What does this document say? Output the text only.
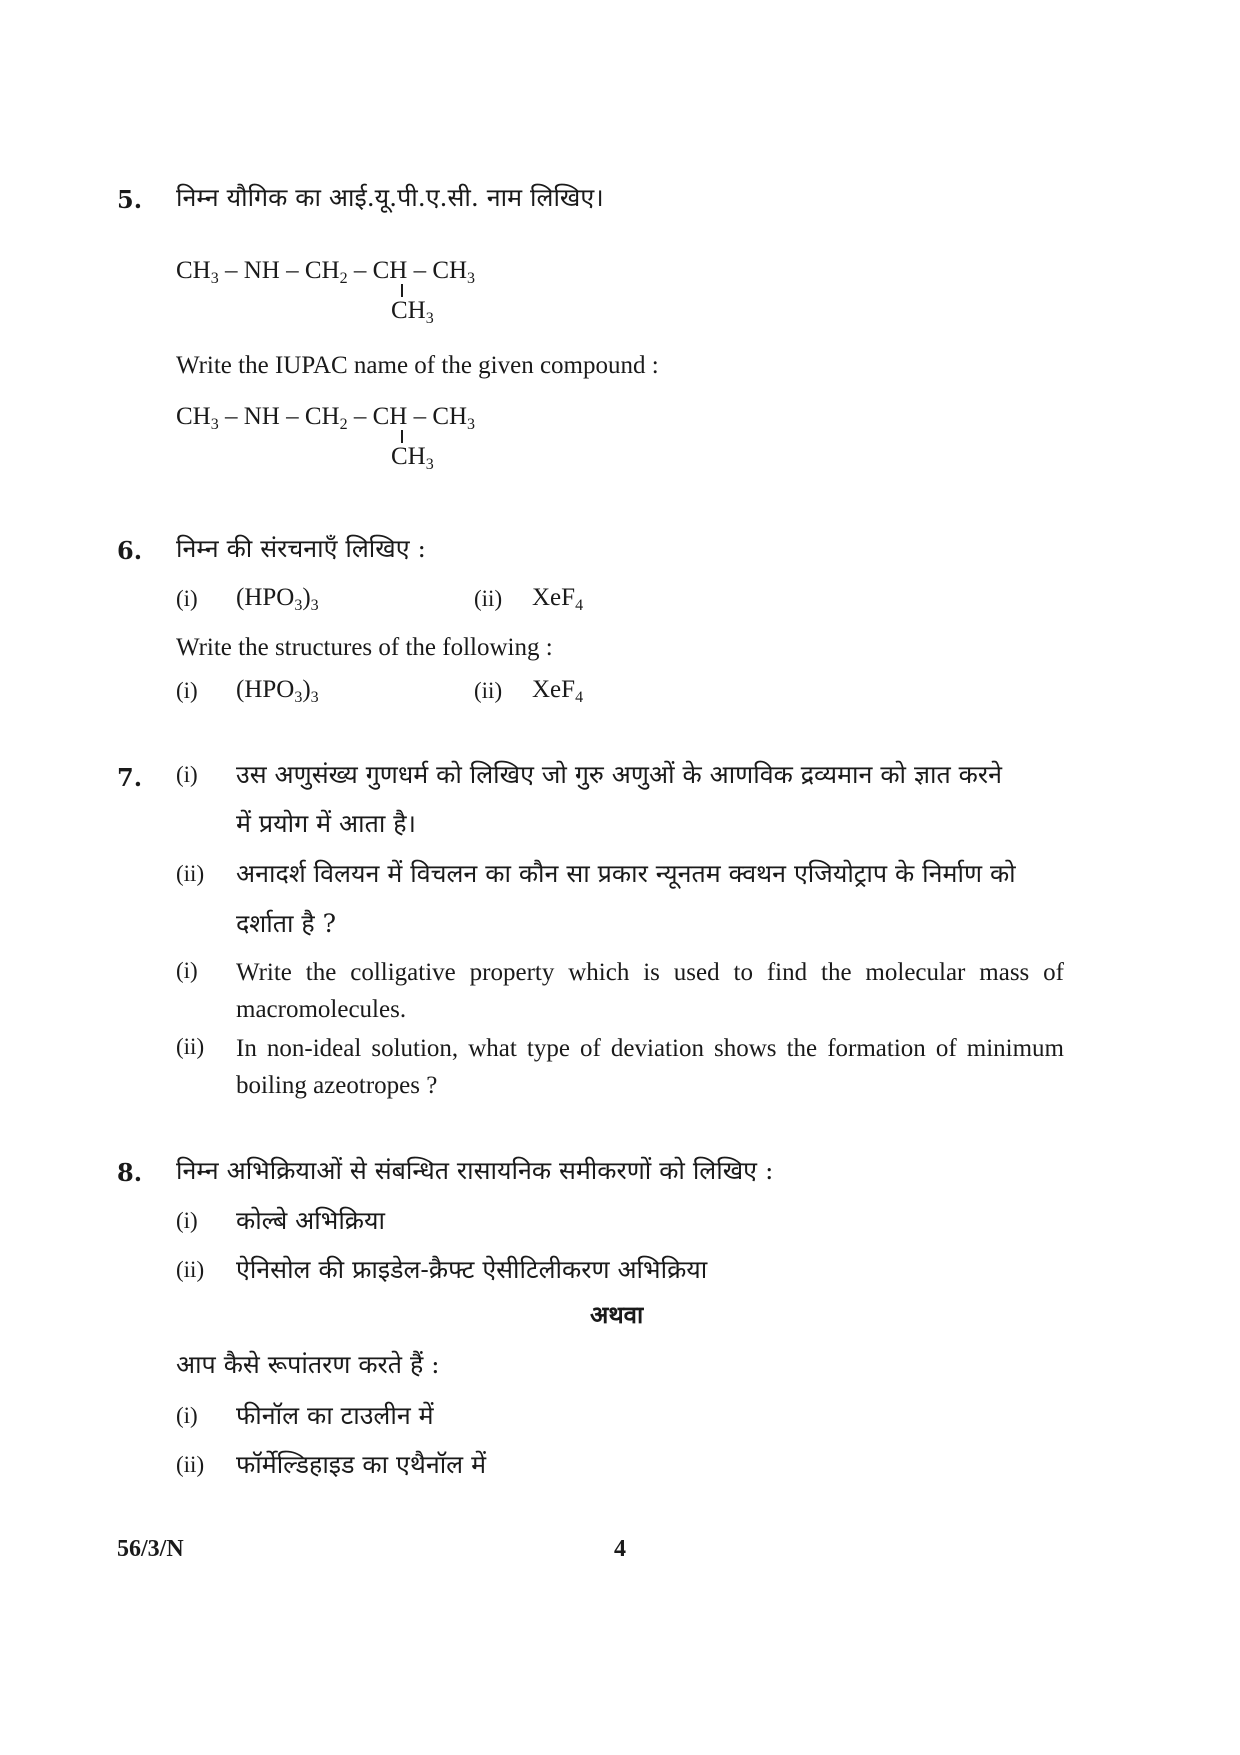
5. निम्न यौगिक का आई.यू.पी.ए.सी. नाम लिखिए।
$CH_3$ – NH – $CH_2$ – CH – $CH_3$
$CH_3$
Write the IUPAC name of the given compound :
$CH_3$ – NH – $CH_2$ – CH – $CH_3$
$CH_3$
6. निम्न की संरचनाएँ लिखिए :
(i) $(HPO_3)_3$	(ii) XeF$_4$
Write the structures of the following :
(i) $(HPO_3)_3$	(ii) XeF$_4$
7. (i) उस अणुसंख्य गुणधर्म को लिखिए जो गुरु अणुओं के आणविक द्रव्यमान को ज्ञात करने
में प्रयोग में आता है।
(ii) अनादर्श विलयन में विचलन का कौन सा प्रकार न्यूनतम क्वथन एजियोट्राप के निर्माण को
दर्शाता है ?
(i) Write the colligative property which is used to find the molecular mass of macromolecules.
(ii) In non-ideal solution, what type of deviation shows the formation of minimum boiling azeotropes ?
8. निम्न अभिक्रियाओं से संबन्धित रासायनिक समीकरणों को लिखिए :
(i) कोल्बे अभिक्रिया
(ii) ऐनिसोल की फ्राइडेल-क्रैफ्ट ऐसीटिलीकरण अभिक्रिया
अथवा
आप कैसे रूपांतरण करते हैं :
(i) फीनॉल का टाउलीन में
(ii) फॉर्मेल्डिहाइड का एथैनॉल में
56/3/N	4
